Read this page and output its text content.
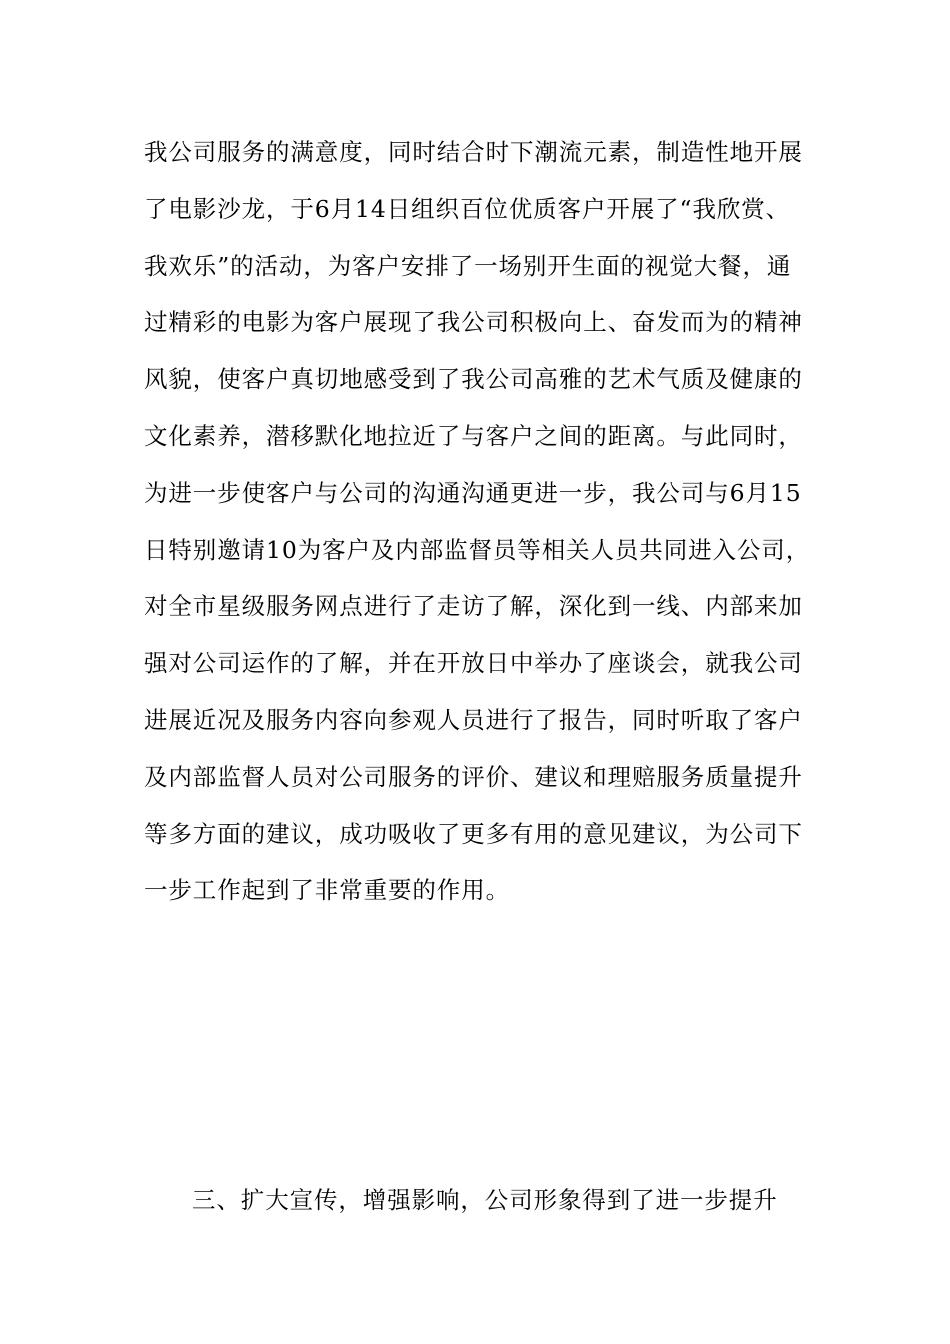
我公司服务的满意度，同时结合时下潮流元素，制造性地开展
了电影沙龙，于6月14日组织百位优质客户开展了“我欣赏、
我欢乐”的活动，为客户安排了一场别开生面的视觉大餐，通
过精彩的电影为客户展现了我公司积极向上、奋发而为的精神
风貌，使客户真切地感受到了我公司高雅的艺术气质及健康的
文化素养，潜移默化地拉近了与客户之间的距离。与此同时，
为进一步使客户与公司的沟通沟通更进一步，我公司与6月15
日特别邀请10为客户及内部监督员等相关人员共同进入公司，
对全市星级服务网点进行了走访了解，深化到一线、内部来加
强对公司运作的了解，并在开放日中举办了座谈会，就我公司
进展近况及服务内容向参观人员进行了报告，同时听取了客户
及内部监督人员对公司服务的评价、建议和理赔服务质量提升
等多方面的建议，成功吸收了更多有用的意见建议，为公司下
一步工作起到了非常重要的作用。
三、扩大宣传，增强影响，公司形象得到了进一步提升
